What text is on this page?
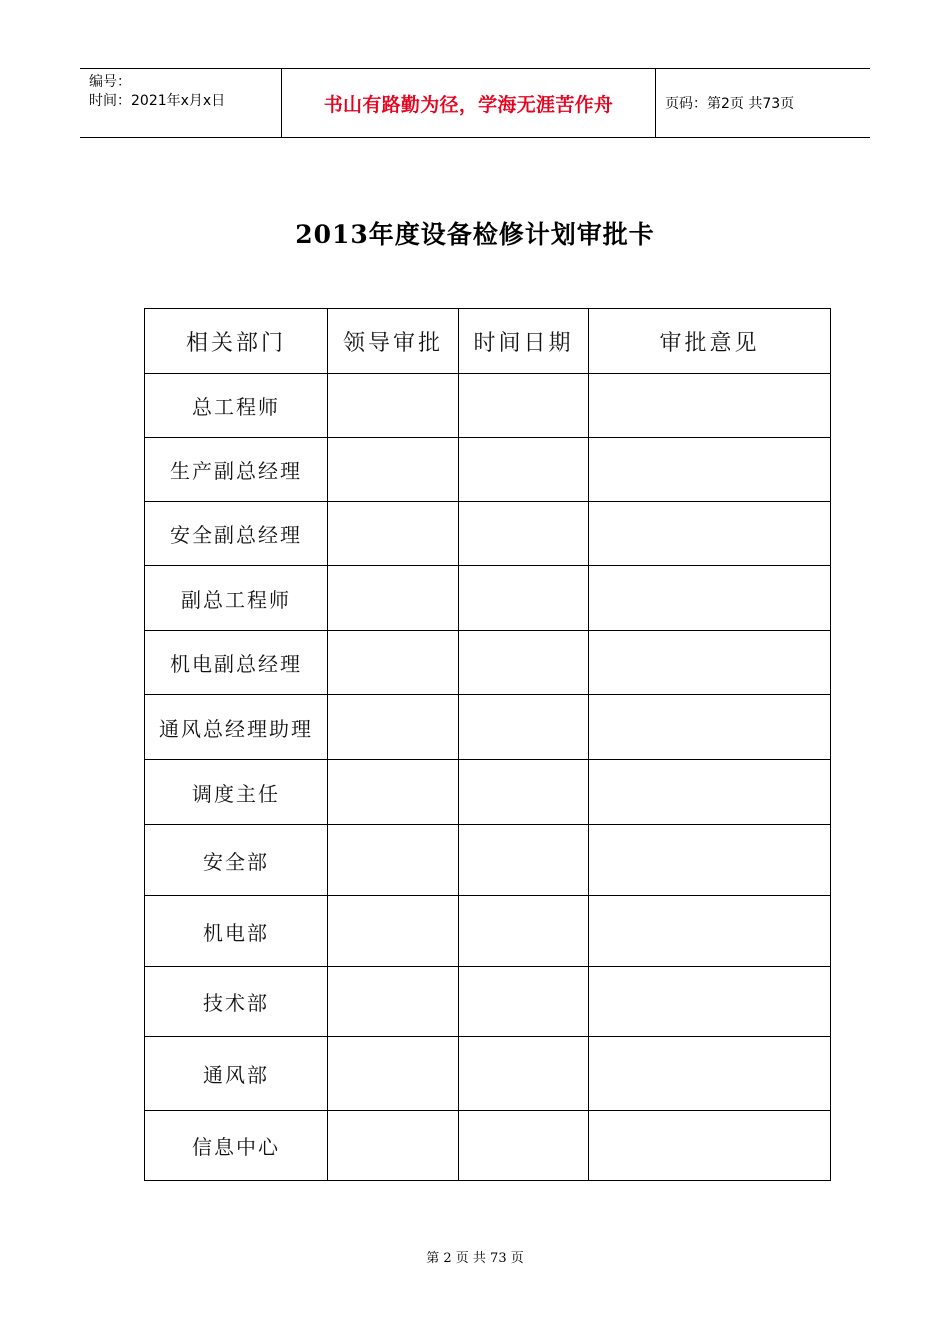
编号：
时间：2021年x月x日	书山有路勤为径，学海无涯苦作舟	页码：第2页 共73页
2013年度设备检修计划审批卡
相关部门	领导审批	时间日期	审批意见
总工程师			
生产副总经理			
安全副总经理			
副总工程师			
机电副总经理			
通风总经理助理			
调度主任			
安全部			
机电部			
技术部			
通风部			
信息中心			
第 2 页 共 73 页
